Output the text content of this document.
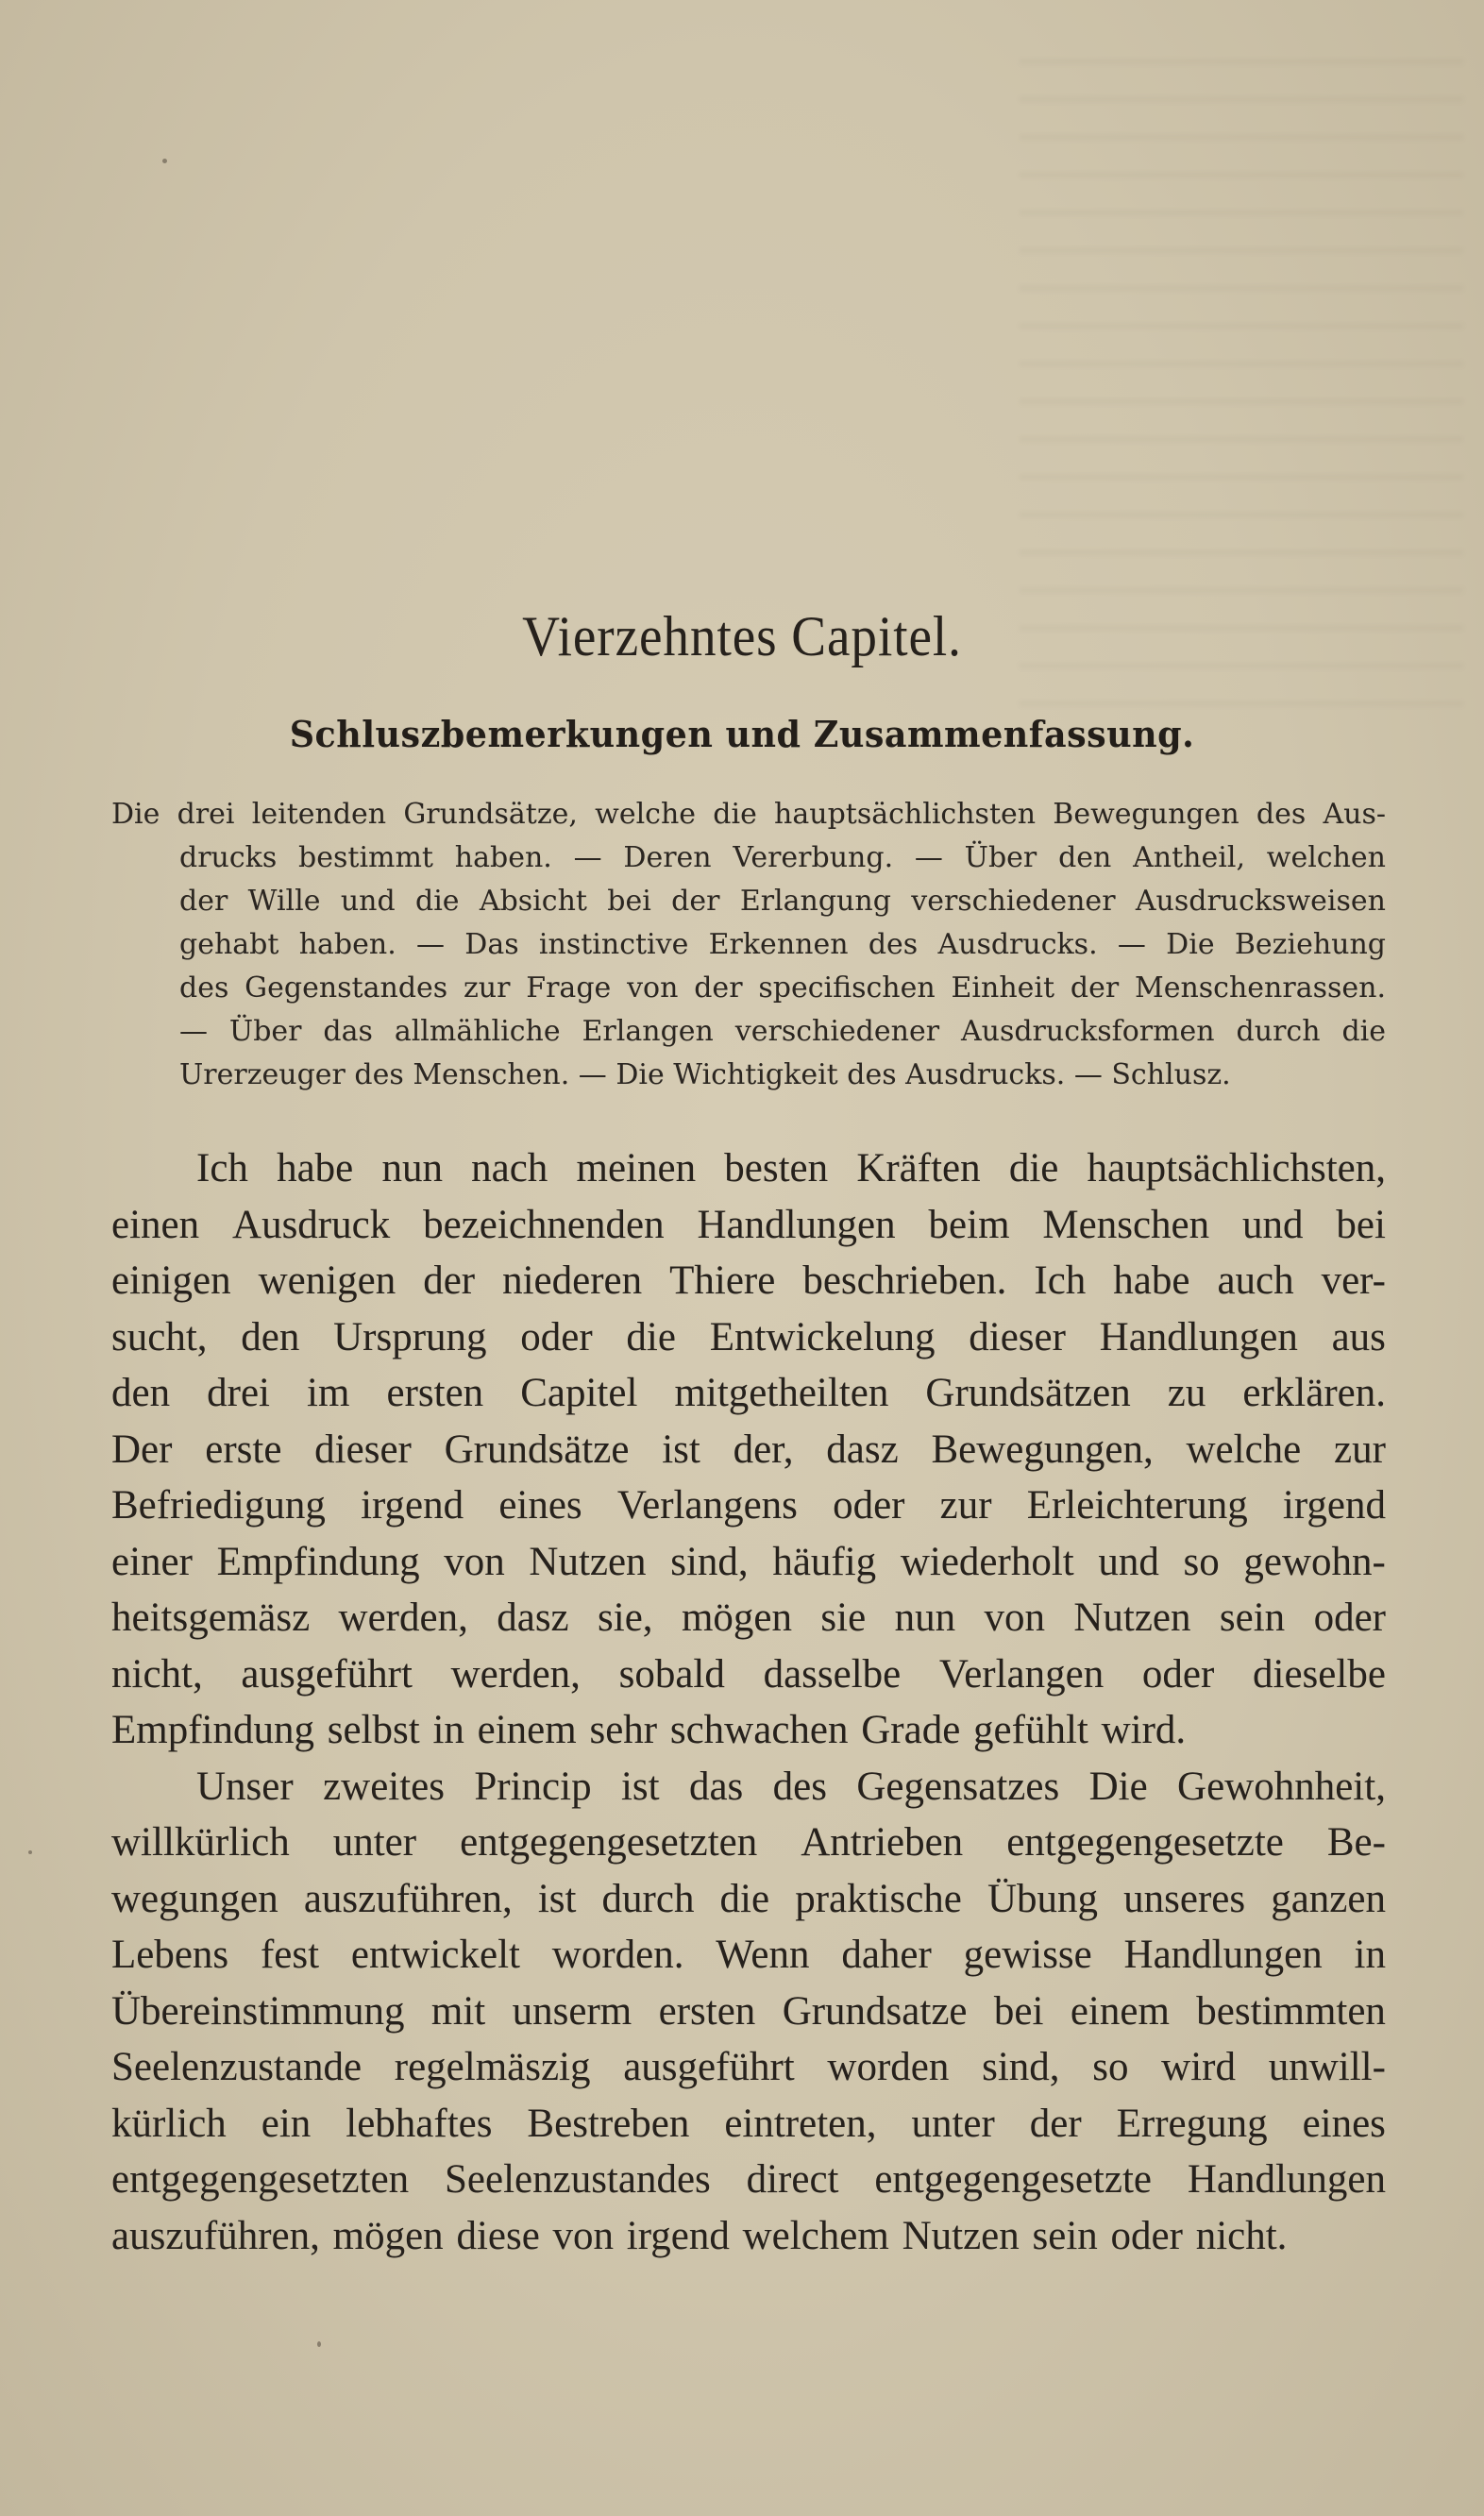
Vierzehntes Capitel.
Schluszbemerkungen und Zusammenfassung.
Die drei leitenden Grundsätze, welche die hauptsächlichsten Bewegungen des Aus-
drucks bestimmt haben. — Deren Vererbung. — Über den Antheil, welchen
der Wille und die Absicht bei der Erlangung verschiedener Ausdrucksweisen
gehabt haben. — Das instinctive Erkennen des Ausdrucks. — Die Beziehung
des Gegenstandes zur Frage von der specifischen Einheit der Menschenrassen.
— Über das allmähliche Erlangen verschiedener Ausdrucksformen durch die
Urerzeuger des Menschen. — Die Wichtigkeit des Ausdrucks. — Schlusz.
Ich habe nun nach meinen besten Kräften die hauptsächlichsten,
einen Ausdruck bezeichnenden Handlungen beim Menschen und bei
einigen wenigen der niederen Thiere beschrieben. Ich habe auch ver-
sucht, den Ursprung oder die Entwickelung dieser Handlungen aus
den drei im ersten Capitel mitgetheilten Grundsätzen zu erklären.
Der erste dieser Grundsätze ist der, dasz Bewegungen, welche zur
Befriedigung irgend eines Verlangens oder zur Erleichterung irgend
einer Empfindung von Nutzen sind, häufig wiederholt und so gewohn-
heitsgemäsz werden, dasz sie, mögen sie nun von Nutzen sein oder
nicht, ausgeführt werden, sobald dasselbe Verlangen oder dieselbe
Empfindung selbst in einem sehr schwachen Grade gefühlt wird.
Unser zweites Princip ist das des Gegensatzes Die Gewohnheit,
willkürlich unter entgegengesetzten Antrieben entgegengesetzte Be-
wegungen auszuführen, ist durch die praktische Übung unseres ganzen
Lebens fest entwickelt worden. Wenn daher gewisse Handlungen in
Übereinstimmung mit unserm ersten Grundsatze bei einem bestimmten
Seelenzustande regelmäszig ausgeführt worden sind, so wird unwill-
kürlich ein lebhaftes Bestreben eintreten, unter der Erregung eines
entgegengesetzten Seelenzustandes direct entgegengesetzte Handlungen
auszuführen, mögen diese von irgend welchem Nutzen sein oder nicht.
